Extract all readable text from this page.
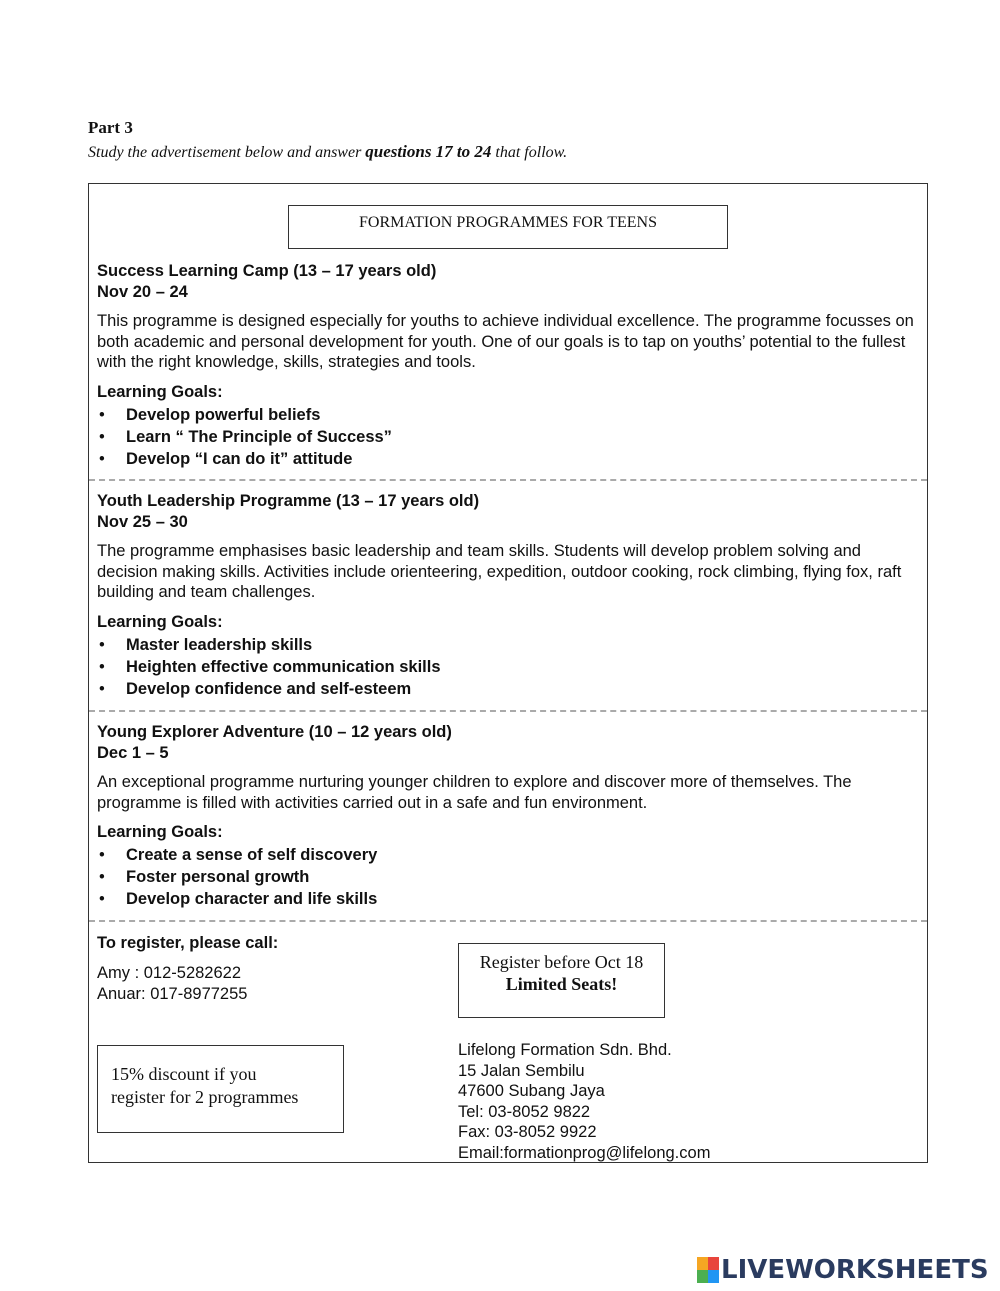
Part 3
Study the advertisement below and answer questions 17 to 24 that follow.
FORMATION PROGRAMMES FOR TEENS

Success Learning Camp (13 – 17 years old)

Nov 20 – 24

This programme is designed especially for youths to achieve individual excellence. The programme focusses on both academic and personal development for youth. One of our goals is to tap on youths’ potential to the fullest with the right knowledge, skills, strategies and tools.

Learning Goals:

• Develop powerful beliefs
• Learn “ The Principle of Success”
• Develop “I can do it” attitude

Youth Leadership Programme (13 – 17 years old)

Nov 25 – 30

The programme emphasises basic leadership and team skills. Students will develop problem solving and decision making skills. Activities include orienteering, expedition, outdoor cooking, rock climbing, flying fox, raft building and team challenges.

Learning Goals:

• Master leadership skills
• Heighten effective communication skills
• Develop confidence and self-esteem

Young Explorer Adventure (10 – 12 years old)

Dec 1 – 5

An exceptional programme nurturing younger children to explore and discover more of themselves. The programme is filled with activities carried out in a safe and fun environment.

Learning Goals:

• Create a sense of self discovery
• Foster personal growth
• Develop character and life skills
To register, please call:
Amy : 012-5282622
Anuar: 017-8977255
Register before Oct 18
Limited Seats!
15% discount if you
register for 2 programmes
Lifelong Formation Sdn. Bhd.
15 Jalan Sembilu
47600 Subang Jaya
Tel: 03-8052 9822
Fax: 03-8052 9922
Email:formationprog@lifelong.com
LIVEWORKSHEETS
